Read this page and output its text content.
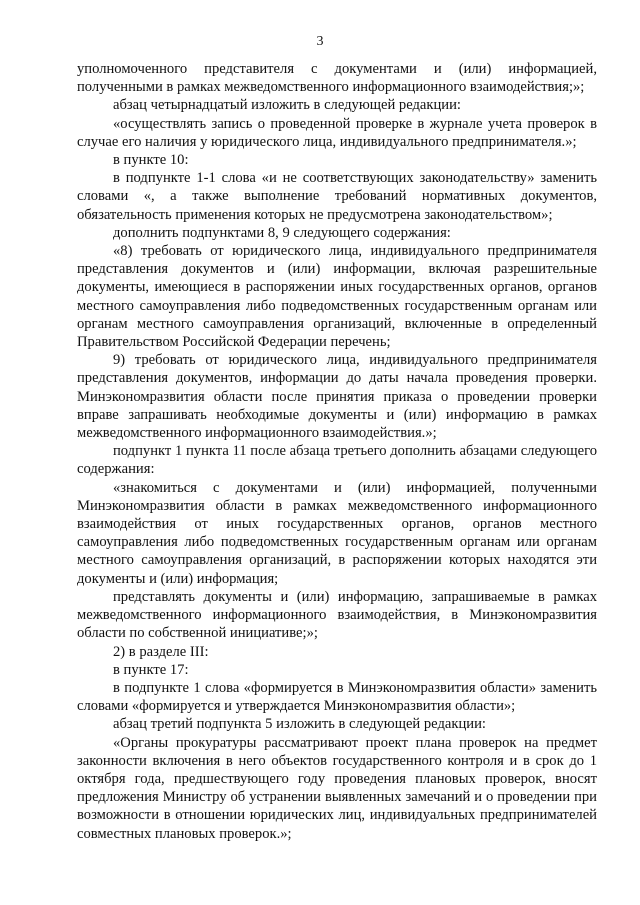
3

уполномоченного представителя с документами и (или) информацией, полученными в рамках межведомственного информационного взаимодействия;»;

абзац четырнадцатый изложить в следующей редакции:

«осуществлять запись о проведенной проверке в журнале учета проверок в случае его наличия у юридического лица, индивидуального предпринимателя.»;

в пункте 10:

в подпункте 1-1 слова «и не соответствующих законодательству» заменить словами «, а также выполнение требований нормативных документов, обязательность применения которых не предусмотрена законодательством»;

дополнить подпунктами 8, 9 следующего содержания:

«8) требовать от юридического лица, индивидуального предпринимателя представления документов и (или) информации, включая разрешительные документы, имеющиеся в распоряжении иных государственных органов, органов местного самоуправления либо подведомственных государственным органам или органам местного самоуправления организаций, включенные в определенный Правительством Российской Федерации перечень;

9) требовать от юридического лица, индивидуального предпринимателя представления документов, информации до даты начала проведения проверки. Минэкономразвития области после принятия приказа о проведении проверки вправе запрашивать необходимые документы и (или) информацию в рамках межведомственного информационного взаимодействия.»;

подпункт 1 пункта 11 после абзаца третьего дополнить абзацами следующего содержания:

«знакомиться с документами и (или) информацией, полученными Минэкономразвития области в рамках межведомственного информационного взаимодействия от иных государственных органов, органов местного самоуправления либо подведомственных государственным органам или органам местного самоуправления организаций, в распоряжении которых находятся эти документы и (или) информация;

представлять документы и (или) информацию, запрашиваемые в рамках межведомственного информационного взаимодействия, в Минэкономразвития области по собственной инициативе;»;

2) в разделе III:

в пункте 17:

в подпункте 1 слова «формируется в Минэкономразвития области» заменить словами «формируется и утверждается Минэкономразвития области»;

абзац третий подпункта 5 изложить в следующей редакции:

«Органы прокуратуры рассматривают проект плана проверок на предмет законности включения в него объектов государственного контроля и в срок до 1 октября года, предшествующего году проведения плановых проверок, вносят предложения Министру об устранении выявленных замечаний и о проведении при возможности в отношении юридических лиц, индивидуальных предпринимателей совместных плановых проверок.»;
